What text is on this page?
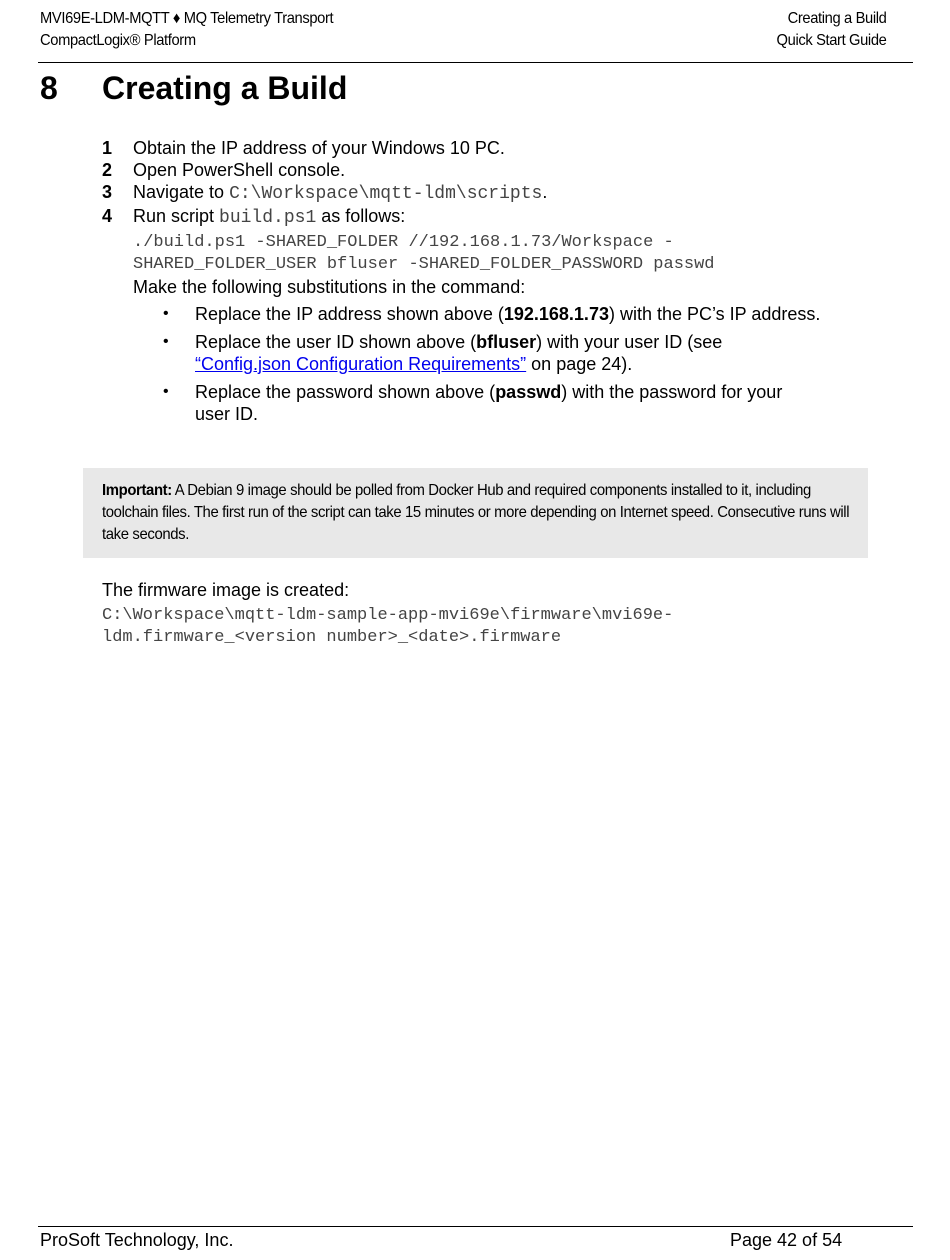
MVI69E-LDM-MQTT ♦ MQ Telemetry Transport
CompactLogix® Platform
Creating a Build
Quick Start Guide
8 Creating a Build
1	Obtain the IP address of your Windows 10 PC.
2	Open PowerShell console.
3	Navigate to C:\Workspace\mqtt-ldm\scripts.
4	Run script build.ps1 as follows:
./build.ps1 -SHARED_FOLDER //192.168.1.73/Workspace -
SHARED_FOLDER_USER bfluser -SHARED_FOLDER_PASSWORD passwd
Make the following substitutions in the command:
•	Replace the IP address shown above (192.168.1.73) with the PC’s IP address.
•	Replace the user ID shown above (bfluser) with your user ID (see “Config.json Configuration Requirements” on page 24).
•	Replace the password shown above (passwd) with the password for your user ID.
Important: A Debian 9 image should be polled from Docker Hub and required components installed to it, including toolchain files. The first run of the script can take 15 minutes or more depending on Internet speed. Consecutive runs will take seconds.
The firmware image is created:
C:\Workspace\mqtt-ldm-sample-app-mvi69e\firmware\mvi69e-
ldm.firmware_<version number>_<date>.firmware
ProSoft Technology, Inc.	Page 42 of 54
